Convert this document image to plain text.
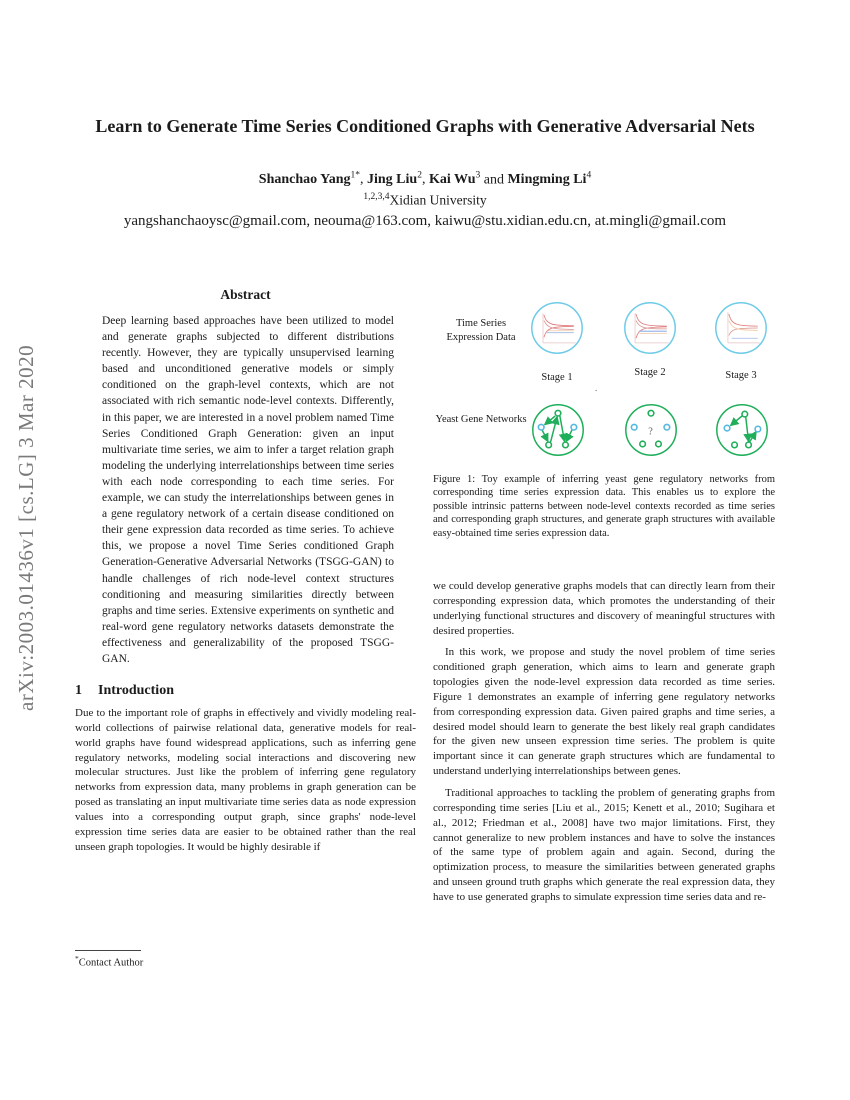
arXiv:2003.01436v1 [cs.LG] 3 Mar 2020
Learn to Generate Time Series Conditioned Graphs with Generative Adversarial Nets
Shanchao Yang$^{1*}$, Jing Liu$^2$, Kai Wu$^3$ and Mingming Li$^4$
$^{1,2,3,4}$Xidian University
yangshanchaoysc@gmail.com, neouma@163.com, kaiwu@stu.xidian.edu.cn, at.mingli@gmail.com
Abstract
Deep learning based approaches have been utilized to model and generate graphs subjected to different distributions recently. However, they are typically unsupervised learning based and unconditioned generative models or simply conditioned on the graph-level contexts, which are not associated with rich semantic node-level contexts. Differently, in this paper, we are interested in a novel problem named Time Series Conditioned Graph Generation: given an input multivariate time series, we aim to infer a target relation graph modeling the underlying interrelationships between time series with each node corresponding to each time series. For example, we can study the interrelationships between genes in a gene regulatory network of a certain disease conditioned on their gene expression data recorded as time series. To achieve this, we propose a novel Time Series conditioned Graph Generation-Generative Adversarial Networks (TSGG-GAN) to handle challenges of rich node-level context structures conditioning and measuring similarities directly between graphs and time series. Extensive experiments on synthetic and real-word gene regulatory networks datasets demonstrate the effectiveness and generalizability of the proposed TSGG-GAN.
1 Introduction

Due to the important role of graphs in effectively and vividly modeling real-world collections of pairwise relational data, generative models for real-world graphs have found widespread applications, such as inferring gene regulatory networks, modeling social interactions and discovering new molecular structures. Just like the problem of inferring gene regulatory networks from expression data, many problems in graph generation can be posed as translating an input multivariate time series data as node expression values into a corresponding output graph, since graphs' node-level expression time series data are easier to be obtained rather than the real unseen graph topologies. It would be highly desirable if

*Contact Author
Time Series Expression Data
Stage 1	Stage 2	Stage 3
.
?
Yeast Gene Networks
Figure 1: Toy example of inferring yeast gene regulatory networks from corresponding time series expression data. This enables us to explore the possible intrinsic patterns between node-level contexts recorded as time series and corresponding graph structures, and generate graph structures with available easy-obtained time series expression data.

we could develop generative graphs models that can directly learn from their corresponding expression data, which promotes the understanding of their underlying functional structures and discovery of meaningful structures with desired properties.

In this work, we propose and study the novel problem of time series conditioned graph generation, which aims to learn and generate graph topologies given the node-level expression data recorded as time series. Figure 1 demonstrates an example of inferring gene regulatory networks from corresponding expression data. Given paired graphs and time series, a desired model should learn to generate the best likely real graph candidates for the given new unseen expression time series. The problem is quite important since it can generate graph structures which are fundamental to understand underlying interrelationships between genes.

Traditional approaches to tackling the problem of generating graphs from corresponding time series [Liu et al., 2015; Kenett et al., 2010; Sugihara et al., 2012; Friedman et al., 2008] have two major limitations. First, they cannot generalize to new problem instances and have to solve the instances of the same type of problem again and again. Second, during the optimization process, to measure the similarities between generated graphs and unseen ground truth graphs which generate the real expression data, they have to use generated graphs to simulate expression time series data and re-
